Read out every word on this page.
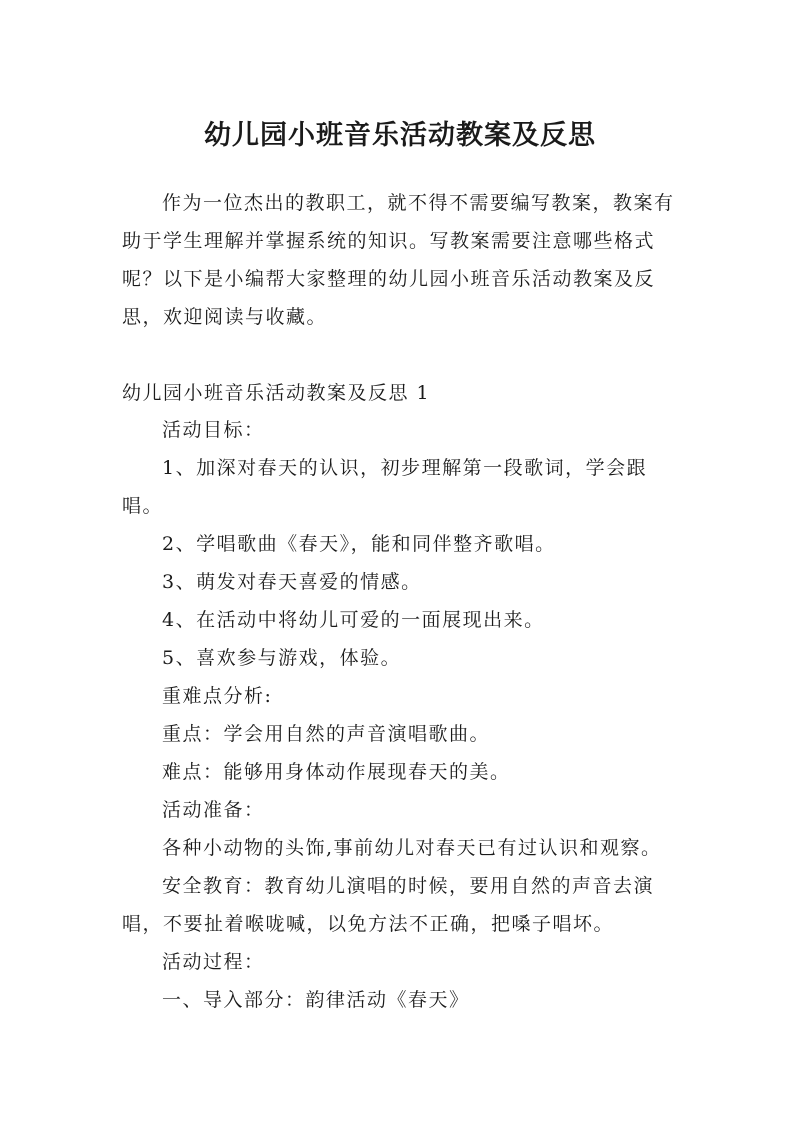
幼儿园小班音乐活动教案及反思

作为一位杰出的教职工，就不得不需要编写教案，教案有助于学生理解并掌握系统的知识。写教案需要注意哪些格式呢？以下是小编帮大家整理的幼儿园小班音乐活动教案及反思，欢迎阅读与收藏。

幼儿园小班音乐活动教案及反思 1

活动目标：
1、加深对春天的认识，初步理解第一段歌词，学会跟唱。
2、学唱歌曲《春天》，能和同伴整齐歌唱。
3、萌发对春天喜爱的情感。
4、在活动中将幼儿可爱的一面展现出来。
5、喜欢参与游戏，体验。
重难点分析:
重点：学会用自然的声音演唱歌曲。
难点：能够用身体动作展现春天的美。
活动准备：
各种小动物的头饰,事前幼儿对春天已有过认识和观察。
安全教育：教育幼儿演唱的时候，要用自然的声音去演唱，不要扯着喉咙喊，以免方法不正确，把嗓子唱坏。
活动过程：
一、导入部分：韵律活动《春天》
